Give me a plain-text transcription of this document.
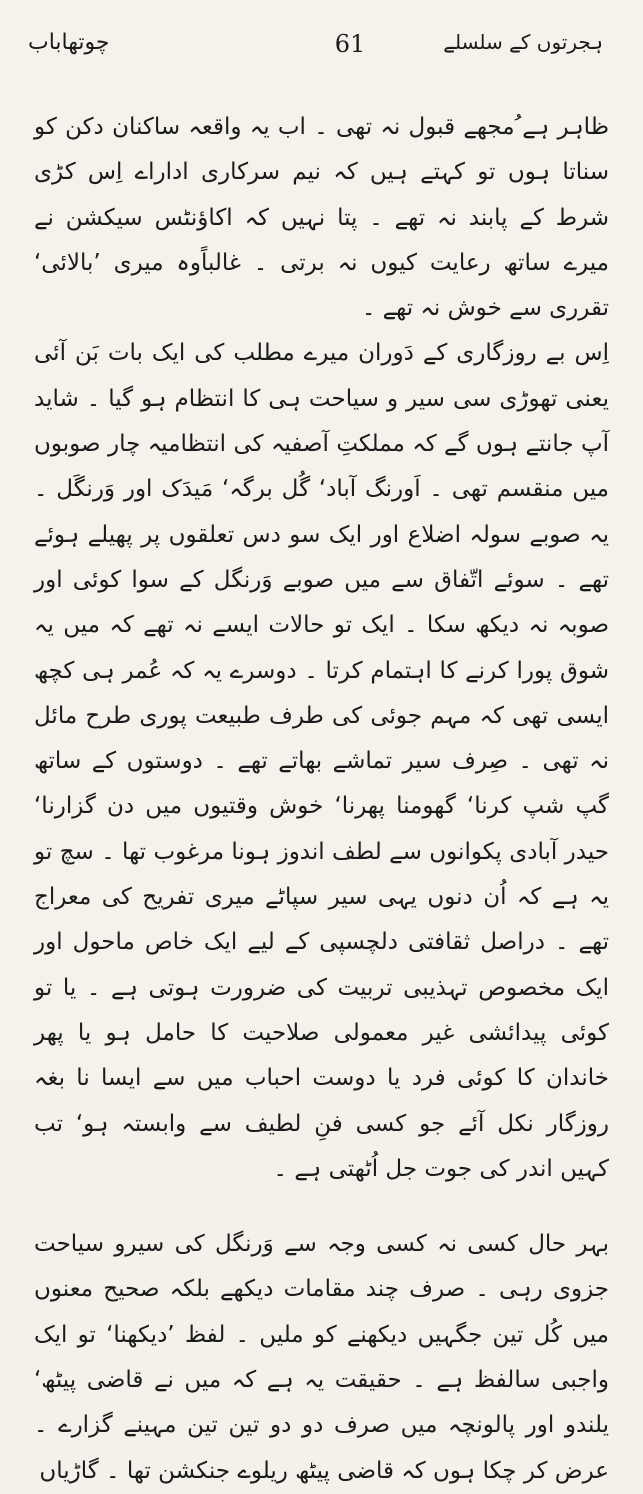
چوتھاباب	61	ہجرتوں کے سلسلے

ظاہر ہے ُمجھے قبول نہ تھی ۔ اب یہ واقعہ ساکنان دکن کو سناتا ہوں تو کہتے ہیں کہ نیم سرکاری اداراے اِس کڑی شرط کے پابند نہ تھے ۔ پتا نہیں کہ اکاؤنٹس سیکشن نے میرے ساتھ رعایت کیوں نہ برتی ۔ غالباًوہ میری ’بالائی‘ تقرری سے خوش نہ تھے ۔

اِس بے روزگاری کے دَوران میرے مطلب کی ایک بات بَن آئی یعنی تھوڑی سی سیر و سیاحت ہی کا انتظام ہو گیا ۔ شاید آپ جانتے ہوں گے کہ مملکتِ آصفیہ کی انتظامیہ چار صوبوں میں منقسم تھی ۔ اَورنگ آباد‘ گُل برگہ‘ مَیدَک اور وَرنگَل ۔ یہ صوبے سولہ اضلاع اور ایک سو دس تعلقوں پر پھیلے ہوئے تھے ۔ سوئے اتّفاق سے میں صوبے وَرنگل کے سوا کوئی اور صوبہ نہ دیکھ سکا ۔ ایک تو حالات ایسے نہ تھے کہ میں یہ شوق پورا کرنے کا اہتمام کرتا ۔ دوسرے یہ کہ عُمر ہی کچھ ایسی تھی کہ مہم جوئی کی طرف طبیعت پوری طرح مائل نہ تھی ۔ صِرف سیر تماشے بھاتے تھے ۔ دوستوں کے ساتھ گپ شپ کرنا‘ گھومنا پھرنا‘ خوش وقتیوں میں دن گزارنا‘ حیدر آبادی پکوانوں سے لطف اندوز ہونا مرغوب تھا ۔ سچ تو یہ ہے کہ اُن دنوں یہی سیر سپاٹے میری تفریح کی معراج تھے ۔ دراصل ثقافتی دلچسپی کے لیے ایک خاص ماحول اور ایک مخصوص تہذیبی تربیت کی ضرورت ہوتی ہے ۔ یا تو کوئی پیدائشی غیر معمولی صلاحیت کا حامل ہو یا پھر خاندان کا کوئی فرد یا دوست احباب میں سے ایسا نا بغہ روزگار نکل آئے جو کسی فنِ لطیف سے وابستہ ہو‘ تب کہیں اندر کی جوت جل اُٹھتی ہے ۔

بہر حال کسی نہ کسی وجہ سے وَرنگل کی سیرو سیاحت جزوی رہی ۔ صرف چند مقامات دیکھے بلکہ صحیح معنوں میں کُل تین جگہیں دیکھنے کو ملیں ۔ لفظ ’دیکھنا‘ تو ایک واجبی سالفظ ہے ۔ حقیقت یہ ہے کہ میں نے قاضی پیٹھ‘ یلندو اور پالونچہ میں صرف دو دو تین تین مہینے گزارے ۔ عرض کر چکا ہوں کہ قاضی پیٹھ ریلوے جنکشن تھا ۔ گاڑیاں
